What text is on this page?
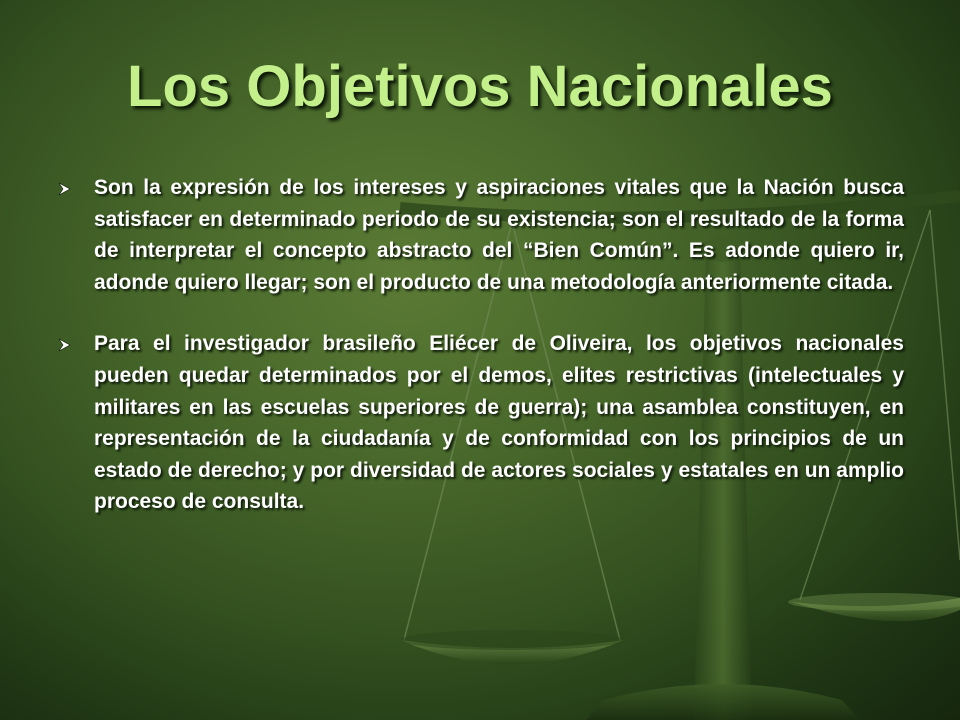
Los Objetivos Nacionales
Son la expresión de los intereses y aspiraciones vitales que la Nación busca satisfacer en determinado periodo de su existencia; son el resultado de la forma de interpretar el concepto abstracto del “Bien Común”. Es adonde quiero ir, adonde quiero llegar; son el producto de una metodología anteriormente citada.
Para el investigador brasileño Eliécer de Oliveira, los objetivos nacionales pueden quedar determinados por el demos, elites restrictivas (intelectuales y militares en las escuelas superiores de guerra); una asamblea constituyen, en representación de la ciudadanía y de conformidad con los principios de un estado de derecho; y por diversidad de actores sociales y estatales en un amplio proceso de consulta.
